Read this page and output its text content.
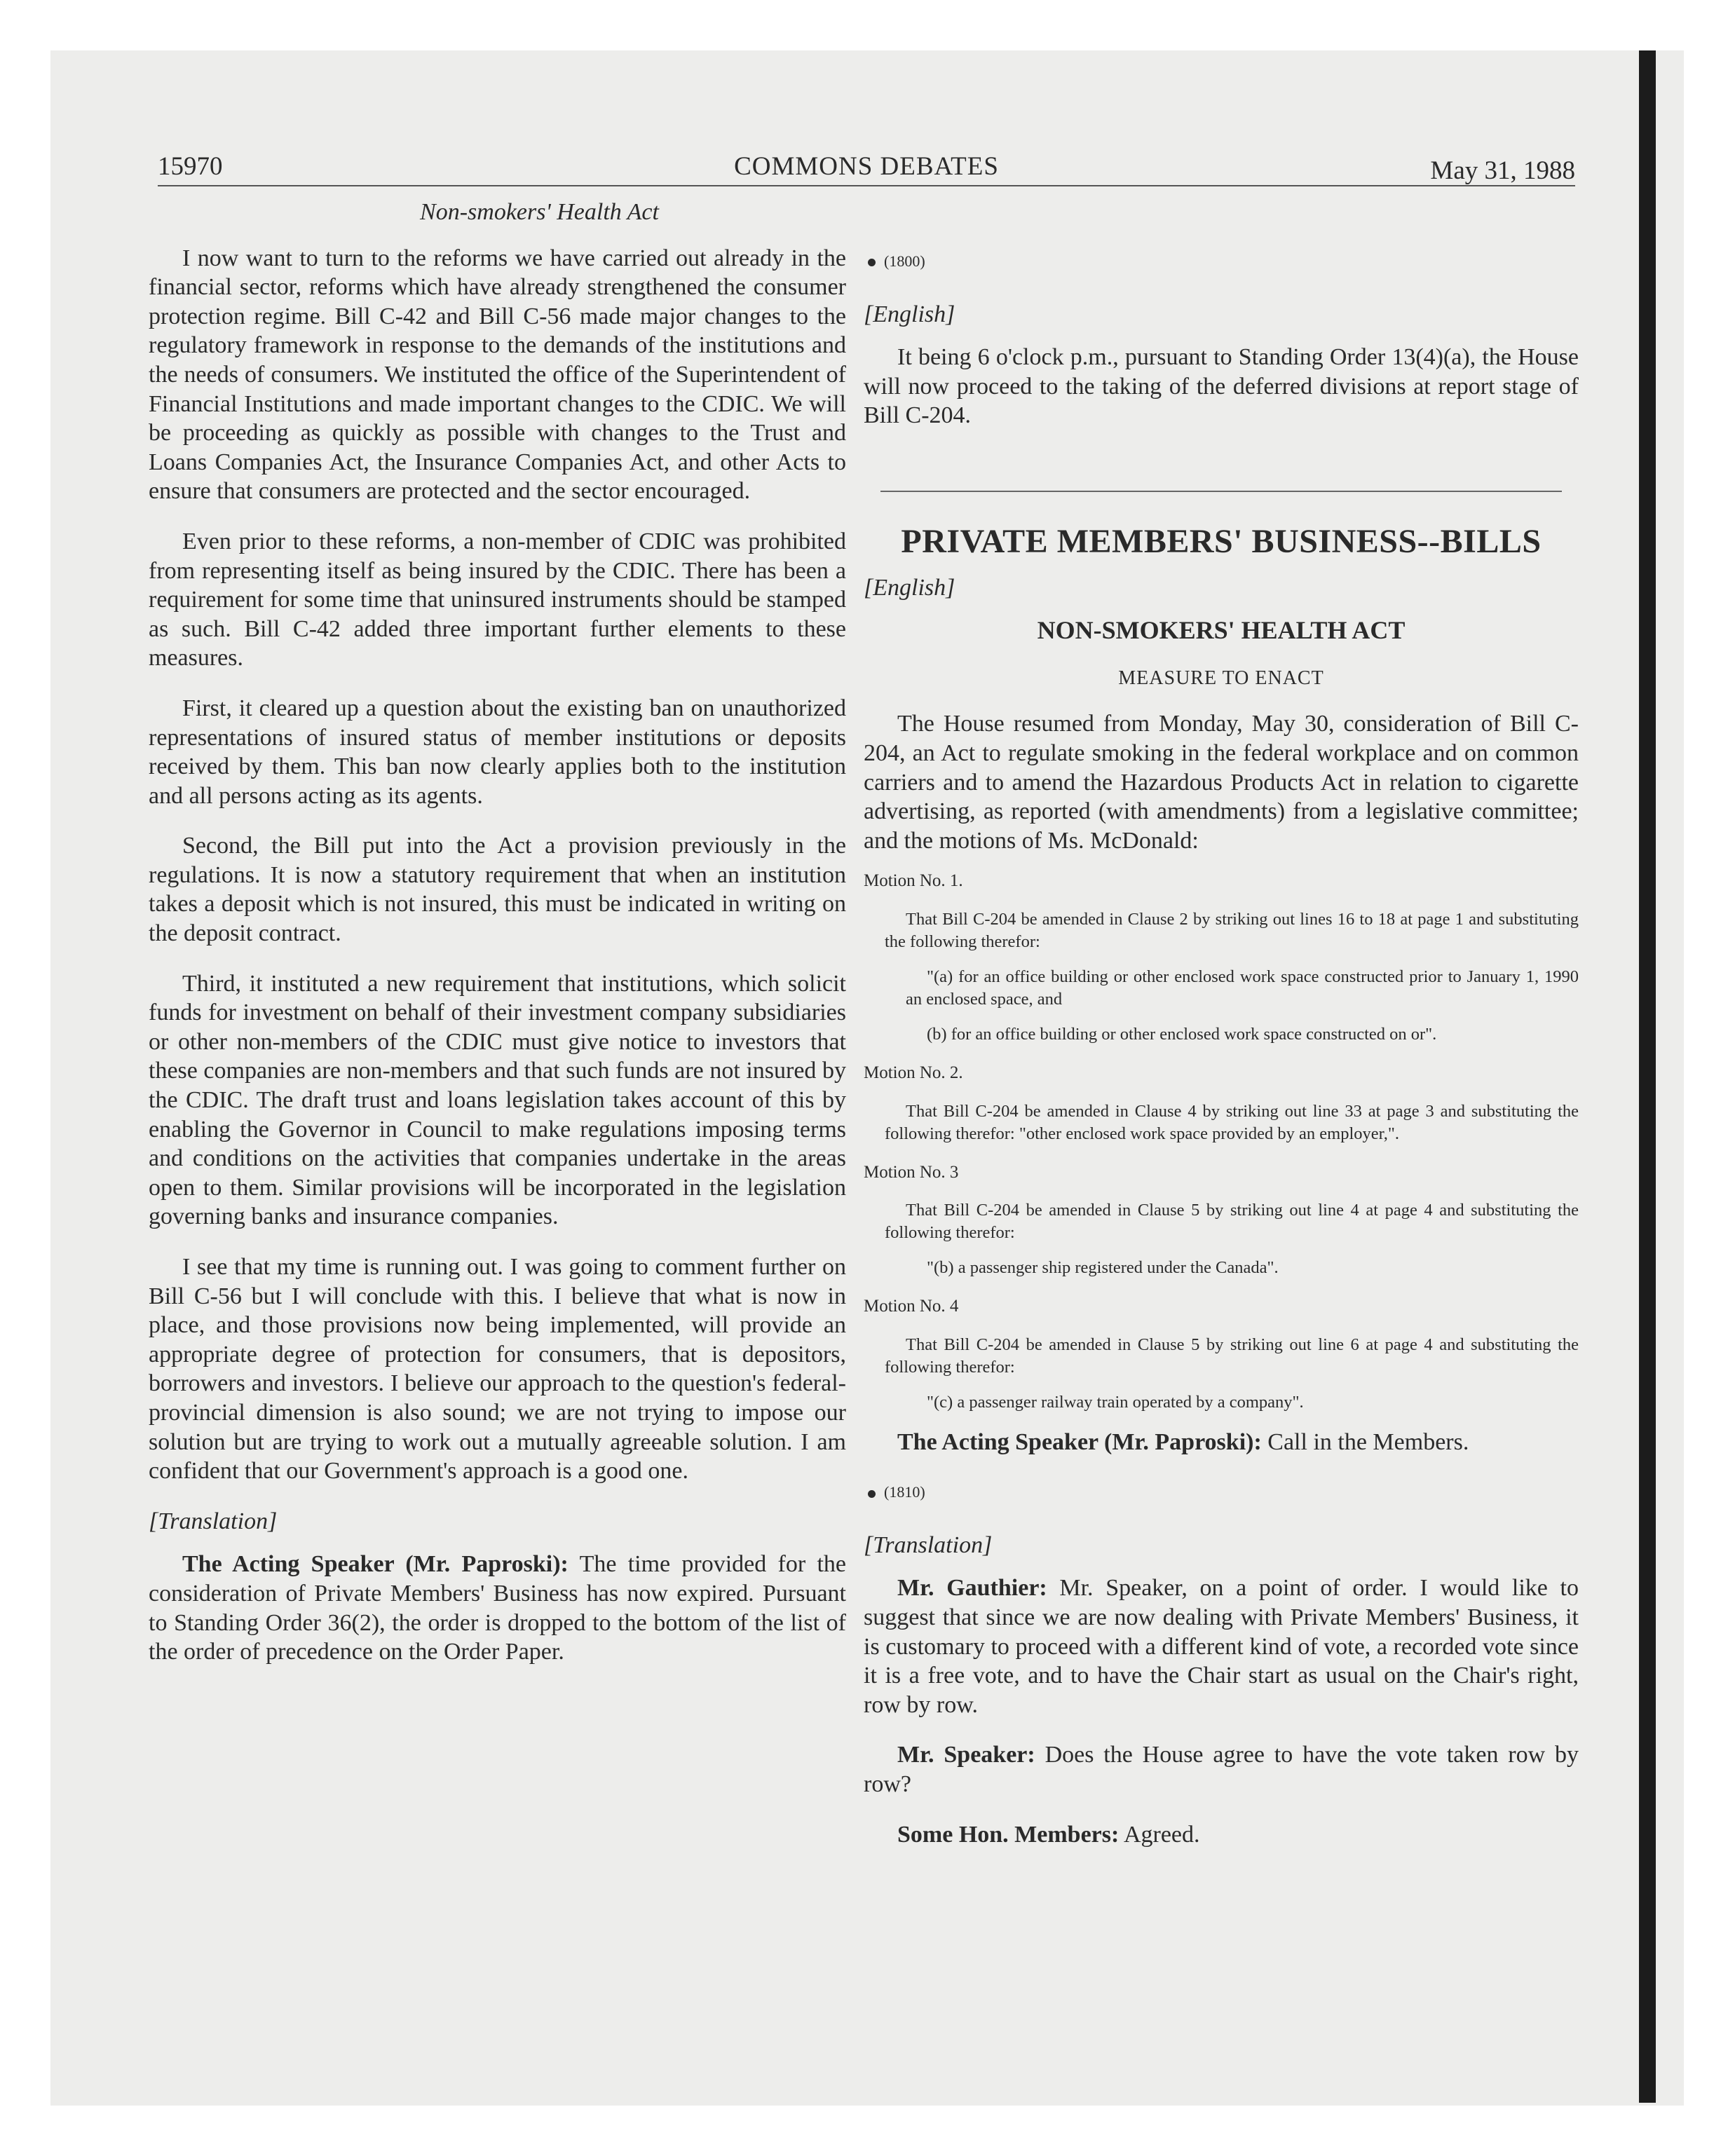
15970	COMMONS DEBATES	May 31, 1988
Non-smokers' Health Act

I now want to turn to the reforms we have carried out already in the financial sector, reforms which have already strengthened the consumer protection regime. Bill C-42 and Bill C-56 made major changes to the regulatory framework in response to the demands of the institutions and the needs of consumers. We instituted the office of the Superintendent of Financial Institutions and made important changes to the CDIC. We will be proceeding as quickly as possible with changes to the Trust and Loans Companies Act, the Insurance Companies Act, and other Acts to ensure that consumers are protected and the sector encouraged.

Even prior to these reforms, a non-member of CDIC was prohibited from representing itself as being insured by the CDIC. There has been a requirement for some time that uninsured instruments should be stamped as such. Bill C-42 added three important further elements to these measures.

First, it cleared up a question about the existing ban on unauthorized representations of insured status of member institutions or deposits received by them. This ban now clearly applies both to the institution and all persons acting as its agents.

Second, the Bill put into the Act a provision previously in the regulations. It is now a statutory requirement that when an institution takes a deposit which is not insured, this must be indicated in writing on the deposit contract.

Third, it instituted a new requirement that institutions, which solicit funds for investment on behalf of their investment company subsidiaries or other non-members of the CDIC must give notice to investors that these companies are non-members and that such funds are not insured by the CDIC. The draft trust and loans legislation takes account of this by enabling the Governor in Council to make regulations imposing terms and conditions on the activities that companies undertake in the areas open to them. Similar provisions will be incorporated in the legislation governing banks and insurance companies.

I see that my time is running out. I was going to comment further on Bill C-56 but I will conclude with this. I believe that what is now in place, and those provisions now being implemented, will provide an appropriate degree of protection for consumers, that is depositors, borrowers and investors. I believe our approach to the question's federal-provincial dimension is also sound; we are not trying to impose our solution but are trying to work out a mutually agreeable solution. I am confident that our Government's approach is a good one.

[Translation]

The Acting Speaker (Mr. Paproski): The time provided for the consideration of Private Members' Business has now expired. Pursuant to Standing Order 36(2), the order is dropped to the bottom of the list of the order of precedence on the Order Paper.

(1800)
[English]

It being 6 o'clock p.m., pursuant to Standing Order 13(4)(a), the House will now proceed to the taking of the deferred divisions at report stage of Bill C-204.

PRIVATE MEMBERS' BUSINESS--BILLS
[English]
NON-SMOKERS' HEALTH ACT
MEASURE TO ENACT

The House resumed from Monday, May 30, consideration of Bill C-204, an Act to regulate smoking in the federal workplace and on common carriers and to amend the Hazardous Products Act in relation to cigarette advertising, as reported (with amendments) from a legislative committee; and the motions of Ms. McDonald:

Motion No. 1.

That Bill C-204 be amended in Clause 2 by striking out lines 16 to 18 at page 1 and substituting the following therefor:

"(a) for an office building or other enclosed work space constructed prior to January 1, 1990 an enclosed space, and

(b) for an office building or other enclosed work space constructed on or".

Motion No. 2.

That Bill C-204 be amended in Clause 4 by striking out line 33 at page 3 and substituting the following therefor: "other enclosed work space provided by an employer,".

Motion No. 3

That Bill C-204 be amended in Clause 5 by striking out line 4 at page 4 and substituting the following therefor:

"(b) a passenger ship registered under the Canada".

Motion No. 4

That Bill C-204 be amended in Clause 5 by striking out line 6 at page 4 and substituting the following therefor:

"(c) a passenger railway train operated by a company".

The Acting Speaker (Mr. Paproski): Call in the Members.

(1810)
[Translation]

Mr. Gauthier: Mr. Speaker, on a point of order. I would like to suggest that since we are now dealing with Private Members' Business, it is customary to proceed with a different kind of vote, a recorded vote since it is a free vote, and to have the Chair start as usual on the Chair's right, row by row.

Mr. Speaker: Does the House agree to have the vote taken row by row?

Some Hon. Members: Agreed.
